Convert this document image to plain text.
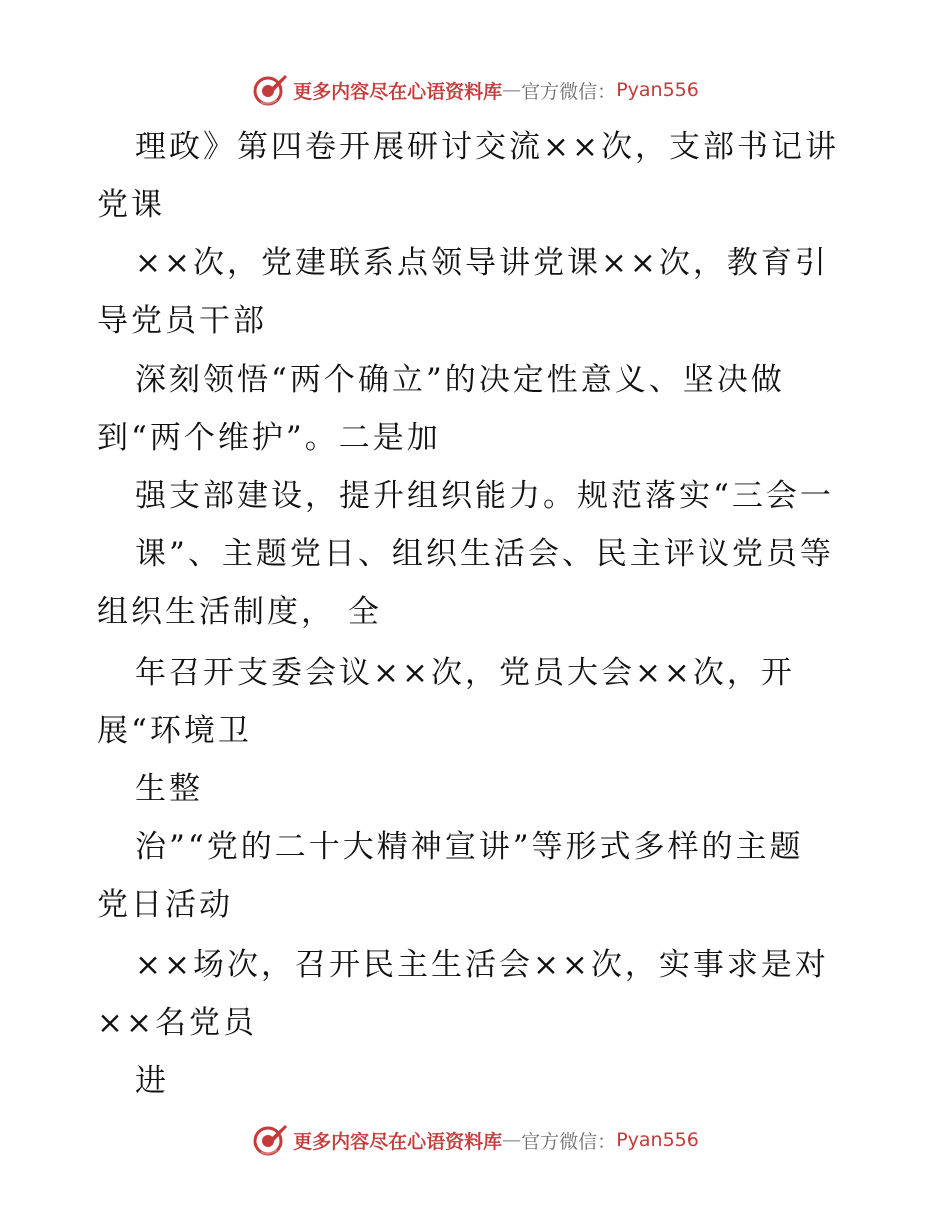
更多内容尽在心语资料库 — 官方微信： Pyan556
理政》第四卷开展研讨交流××次，支部书记讲
党课
××次，党建联系点领导讲党课××次，教育引
导党员干部
深刻领悟“两个确立”的决定性意义、坚决做
到“两个维护”。二是加
强支部建设，提升组织能力。规范落实“三会一
课”、主题党日、组织生活会、民主评议党员等
组织生活制度， 全
年召开支委会议××次，党员大会××次，开
展“环境卫
生整
治”“党的二十大精神宣讲”等形式多样的主题
党日活动
××场次，召开民主生活会××次，实事求是对
××名党员
进
更多内容尽在心语资料库 — 官方微信： Pyan556
